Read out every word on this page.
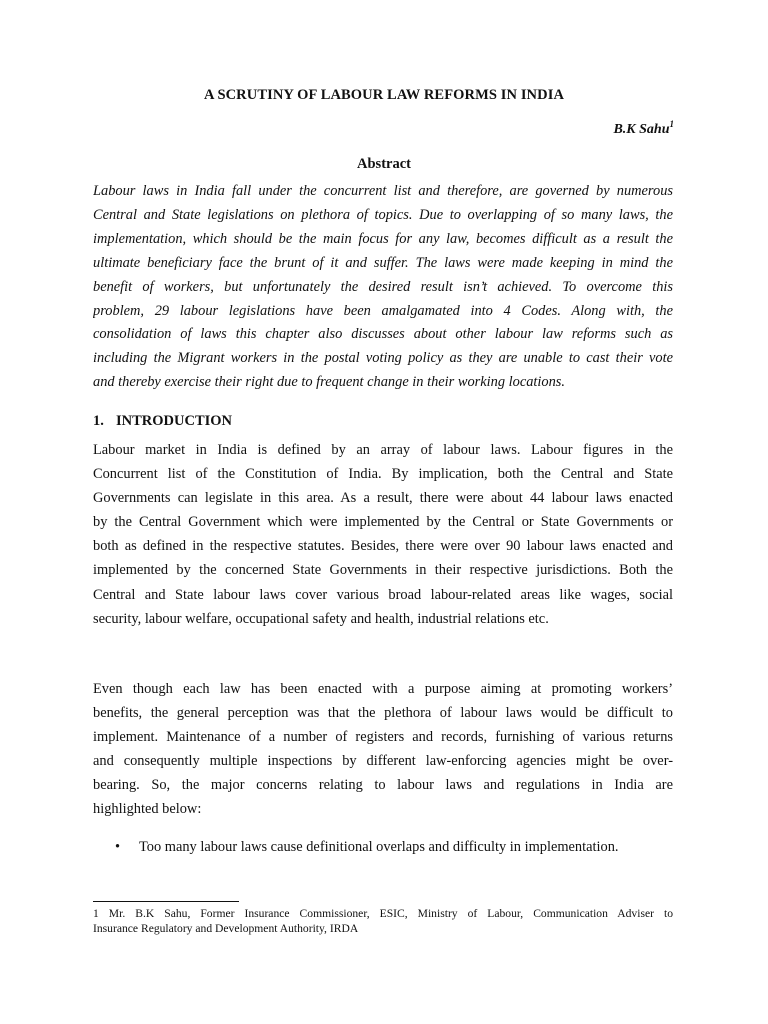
A SCRUTINY OF LABOUR LAW REFORMS IN INDIA
B.K Sahu$^1$
Abstract
Labour laws in India fall under the concurrent list and therefore, are governed by numerous
Central and State legislations on plethora of topics. Due to overlapping of so many laws, the
implementation, which should be the main focus for any law, becomes difficult as a result the
ultimate beneficiary face the brunt of it and suffer. The laws were made keeping in mind the
benefit of workers, but unfortunately the desired result isn’t achieved. To overcome this
problem, 29 labour legislations have been amalgamated into 4 Codes. Along with, the
consolidation of laws this chapter also discusses about other labour law reforms such as
including the Migrant workers in the postal voting policy as they are unable to cast their vote
and thereby exercise their right due to frequent change in their working locations.
1. INTRODUCTION
Labour market in India is defined by an array of labour laws. Labour figures in the
Concurrent list of the Constitution of India. By implication, both the Central and State
Governments can legislate in this area. As a result, there were about 44 labour laws enacted
by the Central Government which were implemented by the Central or State Governments or
both as defined in the respective statutes. Besides, there were over 90 labour laws enacted and
implemented by the concerned State Governments in their respective jurisdictions. Both the
Central and State labour laws cover various broad labour-related areas like wages, social
security, labour welfare, occupational safety and health, industrial relations etc.
Even though each law has been enacted with a purpose aiming at promoting workers’
benefits, the general perception was that the plethora of labour laws would be difficult to
implement. Maintenance of a number of registers and records, furnishing of various returns
and consequently multiple inspections by different law-enforcing agencies might be over-
bearing. So, the major concerns relating to labour laws and regulations in India are
highlighted below:
• Too many labour laws cause definitional overlaps and difficulty in implementation.
1 Mr. B.K Sahu, Former Insurance Commissioner, ESIC, Ministry of Labour, Communication Adviser to
Insurance Regulatory and Development Authority, IRDA
